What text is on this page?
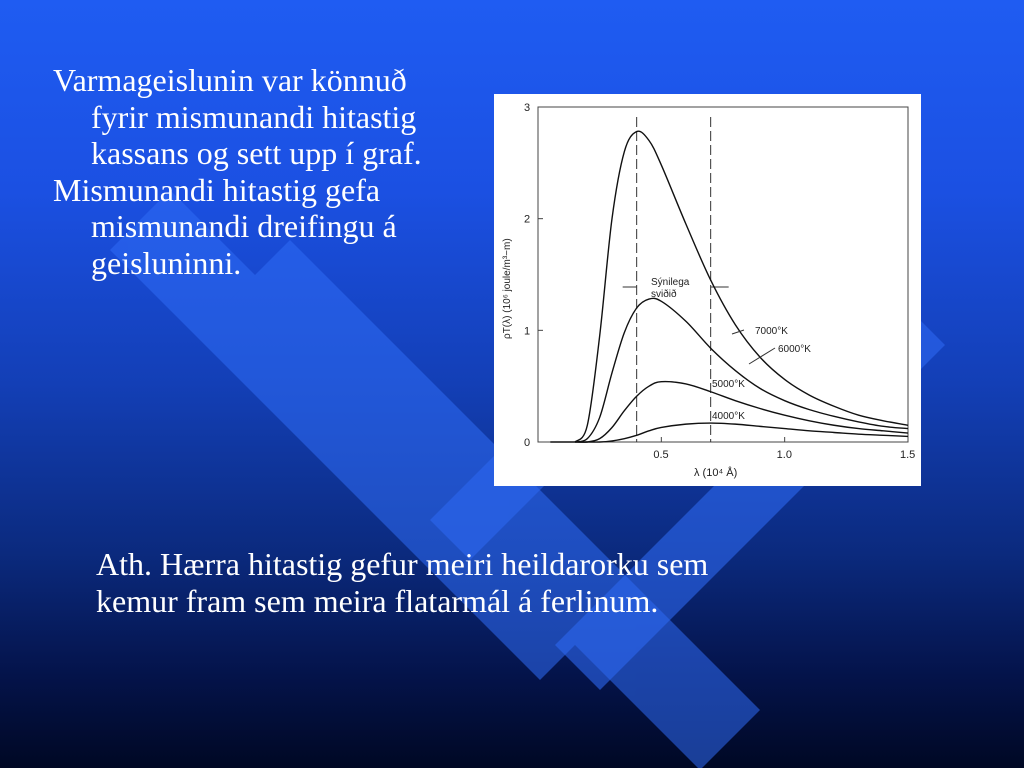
Varmageislunin var könnuð fyrir mismunandi hitastig kassans og sett upp í graf.
Mismunandi hitastig gefa mismunandi dreifingu á geisluninni.
0
1
2
3
0.5	1.0	1.5
ρT(λ) (10⁶ joule/m³−m)
λ (10⁴ Å)
Sýnilega
sviðið
7000°K
6000°K
5000°K
4000°K
Ath. Hærra hitastig gefur meiri heildarorku sem
kemur fram sem meira flatarmál á ferlinum.
